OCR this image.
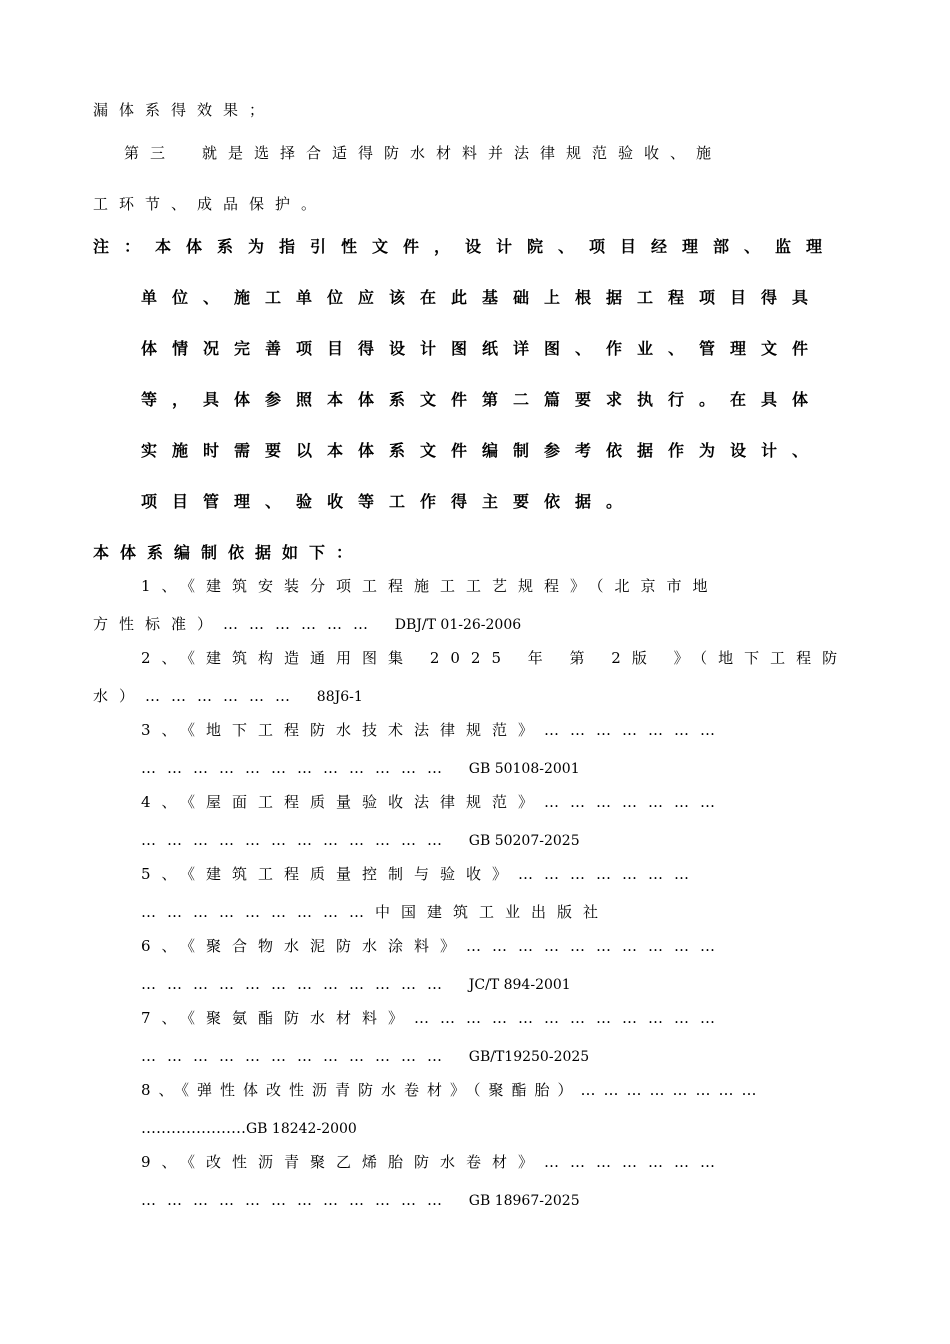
漏体系得效果；
第三　就是选择合适得防水材料并法律规范验收、施
工环节、成品保护。
注：本体系为指引性文件，设计院、项目经理部、监理
单位、施工单位应该在此基础上根据工程项目得具
体情况完善项目得设计图纸详图、作业、管理文件
等，具体参照本体系文件第二篇要求执行。在具体
实施时需要以本体系文件编制参考依据作为设计、
项目管理、验收等工作得主要依据。
本体系编制依据如下：
1、《建筑安装分项工程施工工艺规程》（北京市地
方性标准）……………… DBJ/T 01-26-2006
2、《建筑构造通用图集 2025 年 第 2版 》（地下工程防
水）……………… 88J6-1
3、《地下工程防水技术法律规范》…………………
……………………………… GB 50108-2001
4、《屋面工程质量验收法律规范》…………………
……………………………… GB 50207-2025
5、《建筑工程质量控制与验收》…………………
………………………中国建筑工业出版社
6、《聚合物水泥防水涂料》…………………………
……………………………… JC/T 894-2001
7、《聚氨酯防水材料》………………………………
……………………………… GB/T19250-2025
8、《弹性体改性沥青防水卷材》（聚酯胎）……………………
…………………GB 18242-2000
9、《改性沥青聚乙烯胎防水卷材》…………………
……………………………… GB 18967-2025
